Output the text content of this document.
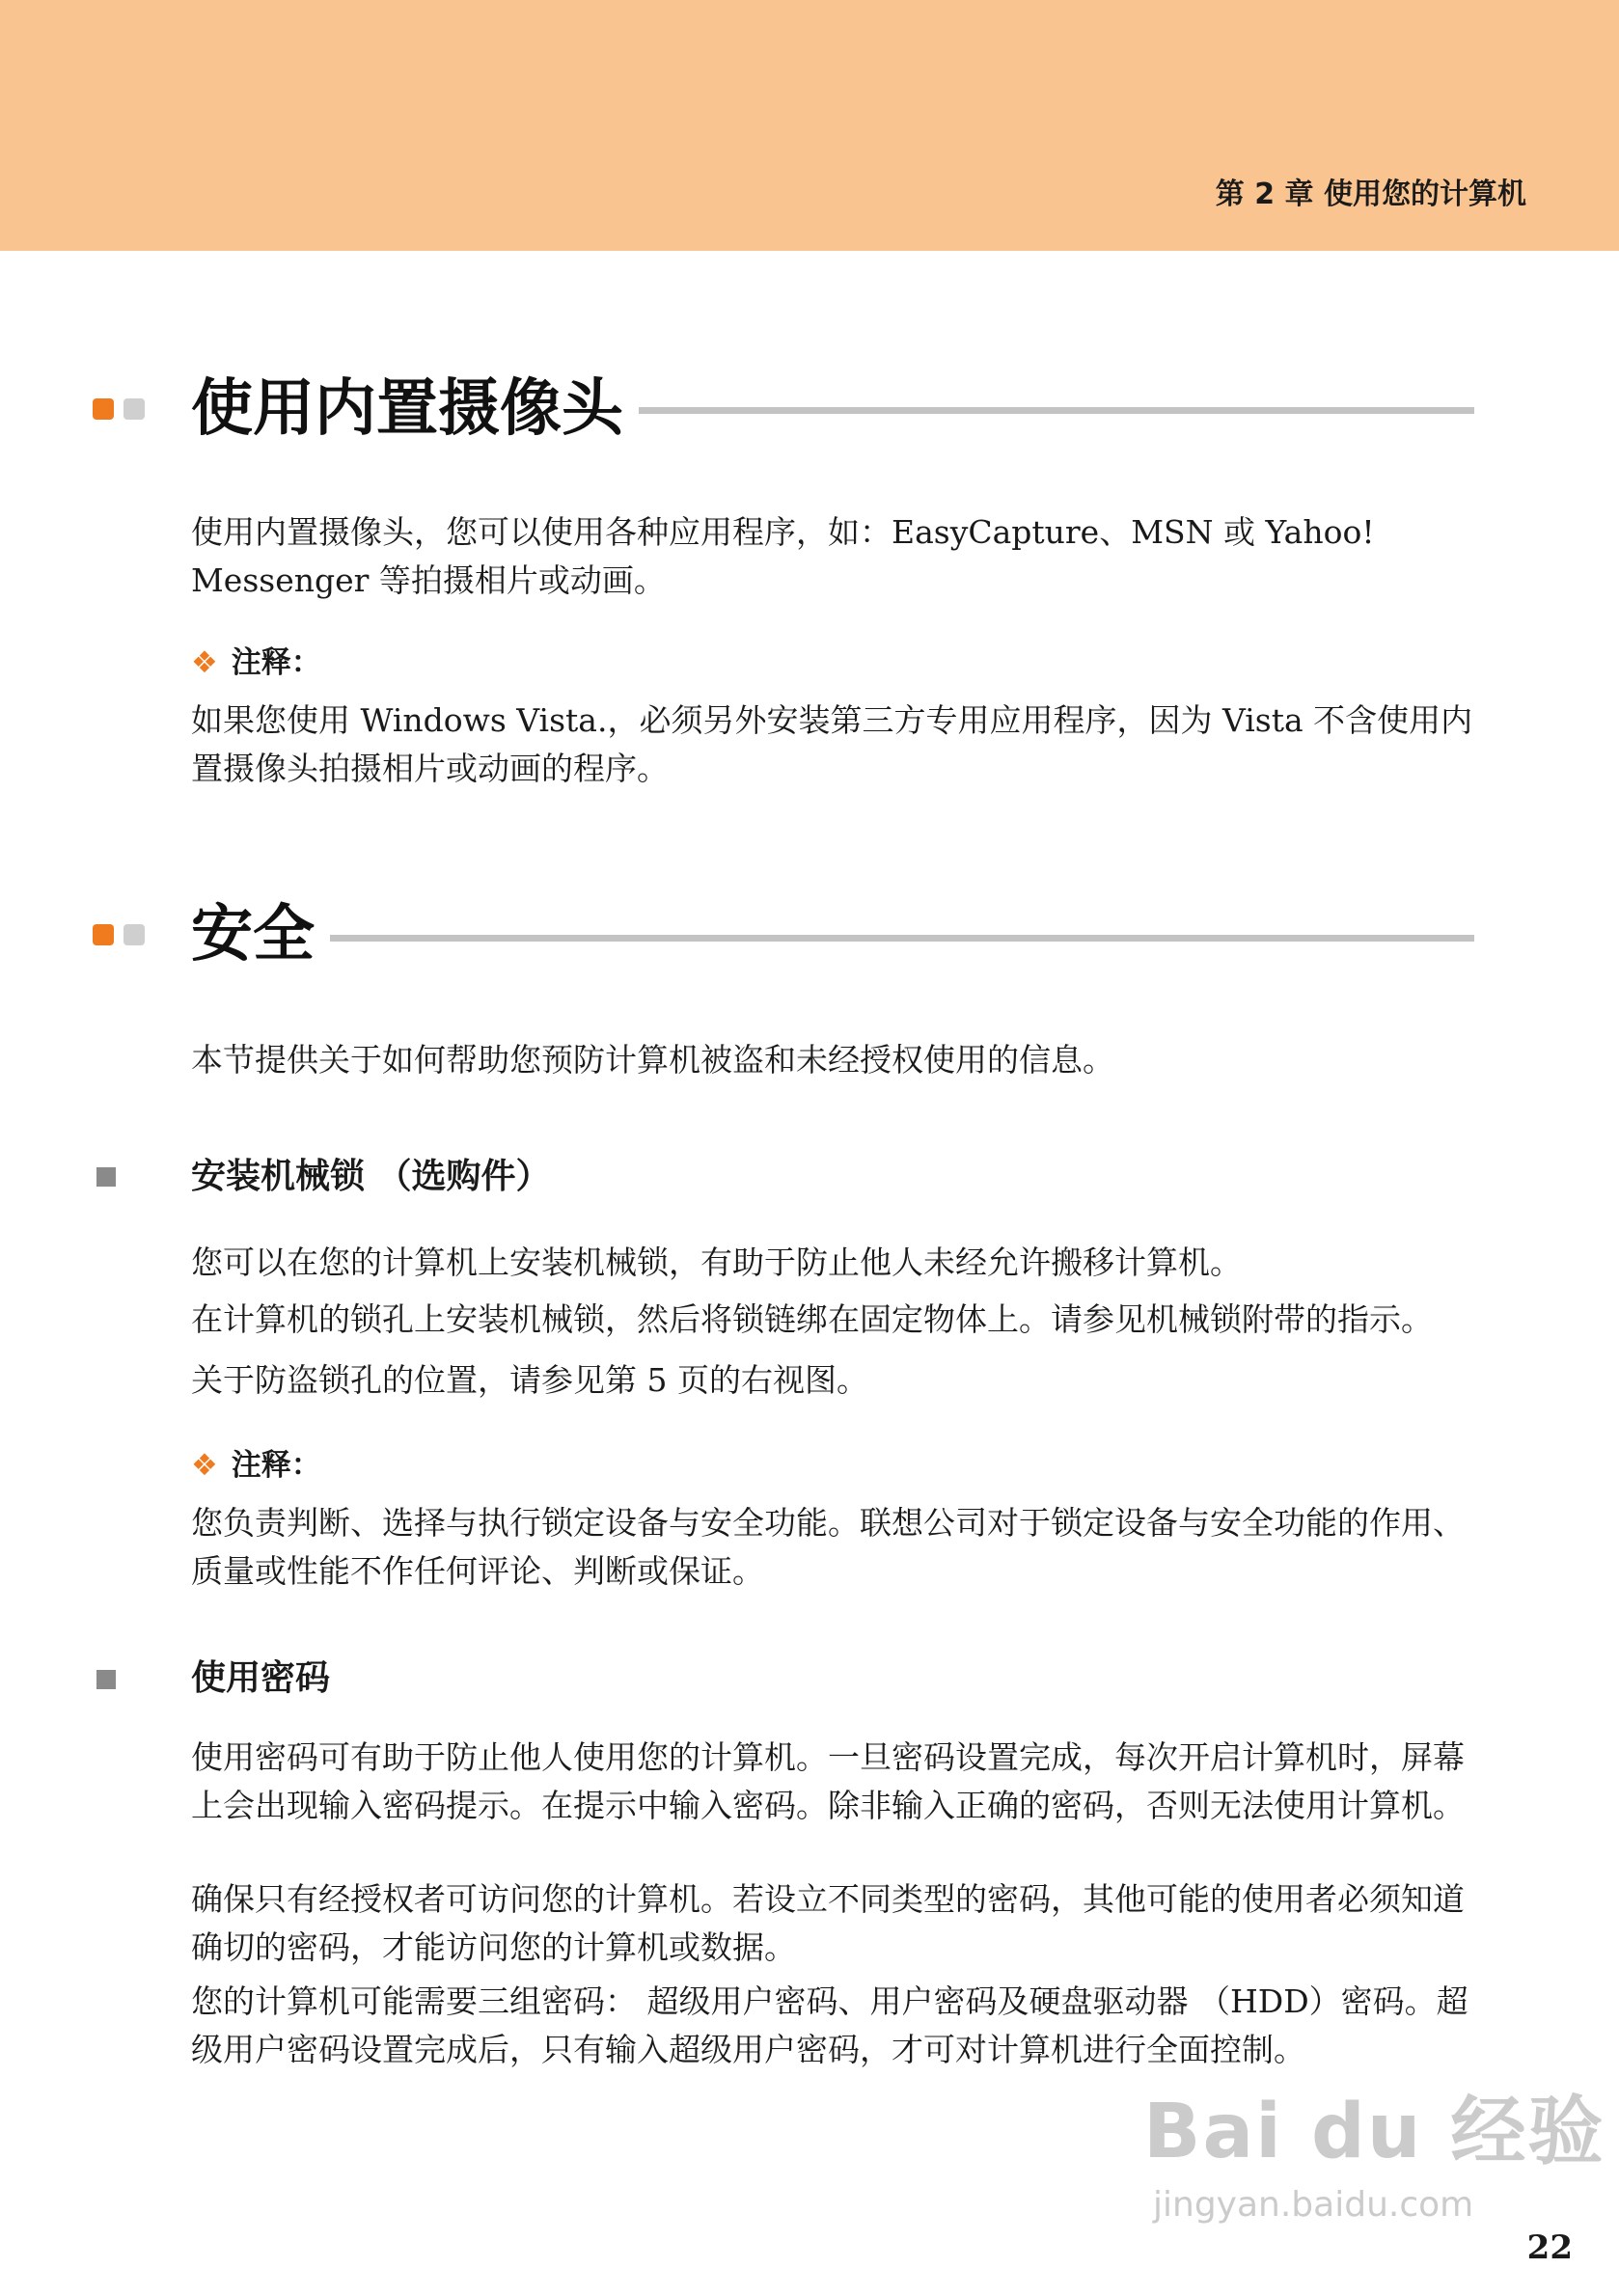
第 2 章 使用您的计算机
使用内置摄像头

使用内置摄像头，您可以使用各种应用程序，如：EasyCapture、MSN 或 Yahoo! Messenger 等拍摄相片或动画。

❖ 注释：

如果您使用 Windows Vista.，必须另外安装第三方专用应用程序，因为 Vista 不含使用内置摄像头拍摄相片或动画的程序。

安全

本节提供关于如何帮助您预防计算机被盗和未经授权使用的信息。

安装机械锁 （选购件）

您可以在您的计算机上安装机械锁，有助于防止他人未经允许搬移计算机。

在计算机的锁孔上安装机械锁，然后将锁链绑在固定物体上。请参见机械锁附带的指示。

关于防盗锁孔的位置，请参见第 5 页的右视图。

❖ 注释：

您负责判断、选择与执行锁定设备与安全功能。联想公司对于锁定设备与安全功能的作用、质量或性能不作任何评论、判断或保证。

使用密码

使用密码可有助于防止他人使用您的计算机。一旦密码设置完成，每次开启计算机时，屏幕上会出现输入密码提示。在提示中输入密码。除非输入正确的密码，否则无法使用计算机。

确保只有经授权者可访问您的计算机。若设立不同类型的密码，其他可能的使用者必须知道确切的密码，才能访问您的计算机或数据。

您的计算机可能需要三组密码： 超级用户密码、用户密码及硬盘驱动器 （HDD）密码。超级用户密码设置完成后，只有输入超级用户密码，才可对计算机进行全面控制。

Bai du 经验
jingyan.baidu.com
22
